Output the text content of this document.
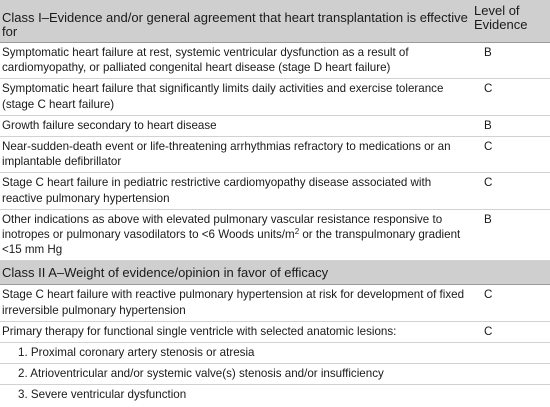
Class I–Evidence and/or general agreement that heart transplantation is effective for	Level of
Evidence

Symptomatic heart failure at rest, systemic ventricular dysfunction as a result of cardiomyopathy, or palliated congenital heart disease (stage D heart failure)	B
Symptomatic heart failure that significantly limits daily activities and exercise tolerance (stage C heart failure)	C
Growth failure secondary to heart disease	B
Near-sudden-death event or life-threatening arrhythmias refractory to medications or an implantable defibrillator	C
Stage C heart failure in pediatric restrictive cardiomyopathy disease associated with reactive pulmonary hypertension	C
Other indications as above with elevated pulmonary vascular resistance responsive to inotropes or pulmonary vasodilators to <6 Woods units/$m^2$ or the transpulmonary gradient <15 mm Hg	B
Class II A–Weight of evidence/opinion in favor of efficacy	
Stage C heart failure with reactive pulmonary hypertension at risk for development of fixed irreversible pulmonary hypertension	C
Primary therapy for functional single ventricle with selected anatomic lesions:	C
1. Proximal coronary artery stenosis or atresia	
2. Atrioventricular and/or systemic valve(s) stenosis and/or insufficiency	
3. Severe ventricular dysfunction	
